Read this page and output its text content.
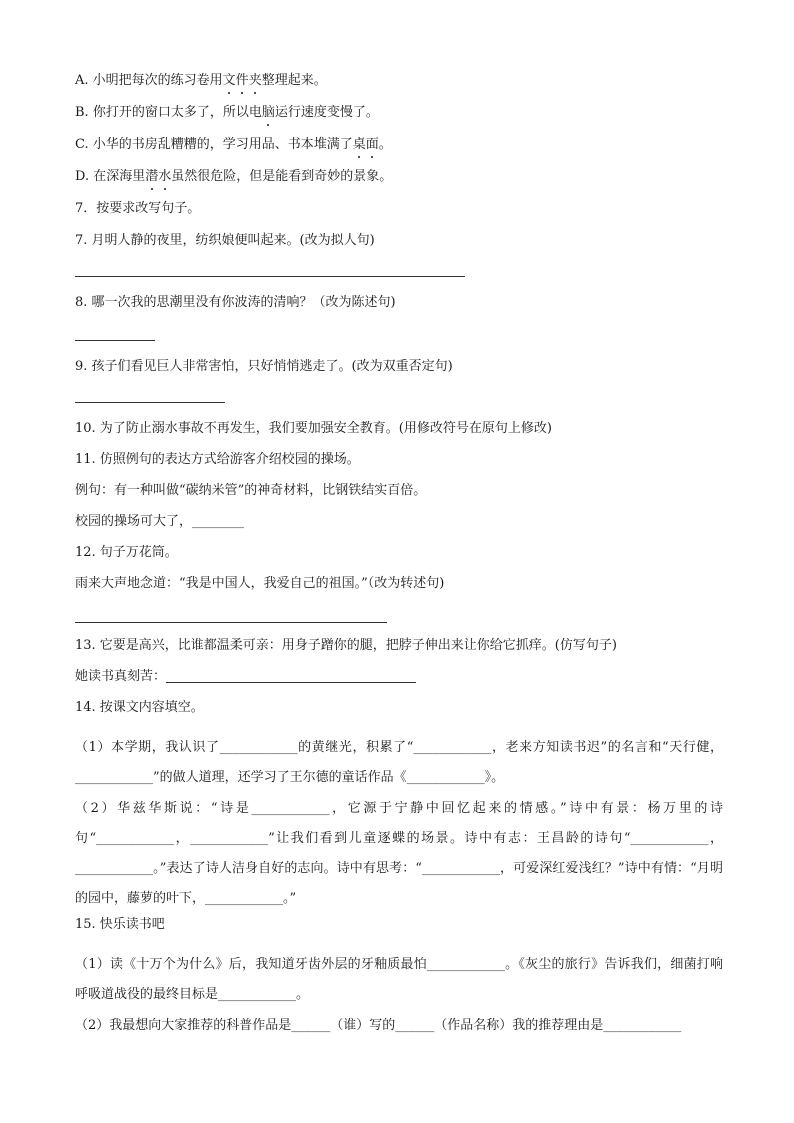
A. 小明把每次的练习卷用文件夹整理起来。
B. 你打开的窗口太多了，所以电脑运行速度变慢了。
C. 小华的书房乱糟糟的，学习用品、书本堆满了桌面。
D. 在深海里潜水虽然很危险，但是能看到奇妙的景象。
7．按要求改写句子。
7. 月明人静的夜里，纺织娘便叫起来。(改为拟人句)
8. 哪一次我的思潮里没有你波涛的清响？（改为陈述句)
9. 孩子们看见巨人非常害怕，只好悄悄逃走了。(改为双重否定句)
10. 为了防止溺水事故不再发生，我们要加强安全教育。(用修改符号在原句上修改)
11. 仿照例句的表达方式给游客介绍校园的操场。
例句：有一种叫做“碳纳米管”的神奇材料，比钢铁结实百倍。
校园的操场可大了，________
12. 句子万花筒。
雨来大声地念道：“我是中国人，我爱自己的祖国。”（改为转述句)
13. 它要是高兴，比谁都温柔可亲：用身子蹭你的腿，把脖子伸出来让你给它抓痒。(仿写句子)
她读书真刻苦：
14. 按课文内容填空。
（1）本学期，我认识了____________的黄继光，积累了“____________，老来方知读书迟”的名言和“天行健，____________”的做人道理，还学习了王尔德的童话作品《____________》。
（2）华兹华斯说：“诗是____________，它源于宁静中回忆起来的情感。”诗中有景：杨万里的诗句“____________，____________”让我们看到儿童逐蝶的场景。诗中有志：王昌龄的诗句“____________，____________。”表达了诗人洁身自好的志向。诗中有思考：“____________，可爱深红爱浅红？”诗中有情：“月明的园中，藤萝的叶下，____________。”
15. 快乐读书吧
（1）读《十万个为什么》后，我知道牙齿外层的牙釉质最怕____________。《灰尘的旅行》告诉我们，细菌打响呼吸道战役的最终目标是____________。
（2）我最想向大家推荐的科普作品是______（谁）写的______（作品名称）我的推荐理由是____________
